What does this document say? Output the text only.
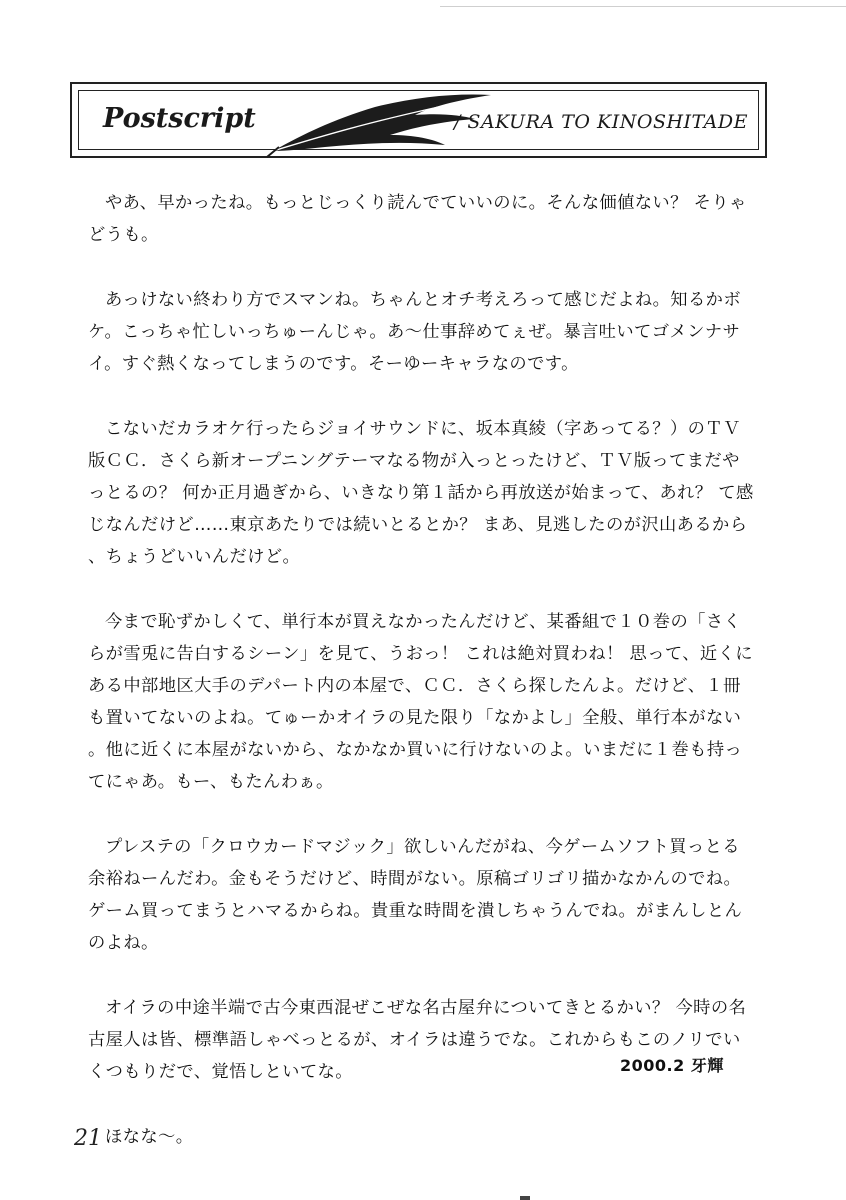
Postscript	/ SAKURA TO KINOSHITADE

やあ、早かったね。もっとじっくり読んでていいのに。そんな価値ない？ そりゃどうも。

あっけない終わり方でスマンね。ちゃんとオチ考えろって感じだよね。知るかボケ。こっちゃ忙しいっちゅーんじゃ。あ～仕事辞めてぇぜ。暴言吐いてゴメンナサイ。すぐ熱くなってしまうのです。そーゆーキャラなのです。

こないだカラオケ行ったらジョイサウンドに、坂本真綾（字あってる？）のＴＶ版ＣＣ．さくら新オープニングテーマなる物が入っとったけど、ＴＶ版ってまだやっとるの？ 何か正月過ぎから、いきなり第１話から再放送が始まって、あれ？ て感じなんだけど……東京あたりでは続いとるとか？ まあ、見逃したのが沢山あるから、ちょうどいいんだけど。

今まで恥ずかしくて、単行本が買えなかったんだけど、某番組で１０巻の「さくらが雪兎に告白するシーン」を見て、うおっ！ これは絶対買わね！ 思って、近くにある中部地区大手のデパート内の本屋で、ＣＣ．さくら探したんよ。だけど、１冊も置いてないのよね。てゅーかオイラの見た限り「なかよし」全般、単行本がない。他に近くに本屋がないから、なかなか買いに行けないのよ。いまだに１巻も持ってにゃあ。もー、もたんわぁ。

プレステの「クロウカードマジック」欲しいんだがね、今ゲームソフト買っとる余裕ねーんだわ。金もそうだけど、時間がない。原稿ゴリゴリ描かなかんのでね。ゲーム買ってまうとハマるからね。貴重な時間を潰しちゃうんでね。がまんしとんのよね。

オイラの中途半端で古今東西混ぜこぜな名古屋弁についてきとるかい？ 今時の名古屋人は皆、標準語しゃべっとるが、オイラは違うでな。これからもこのノリでいくつもりだで、覚悟しといてな。

ほなな～。

2000.2 牙輝
21
